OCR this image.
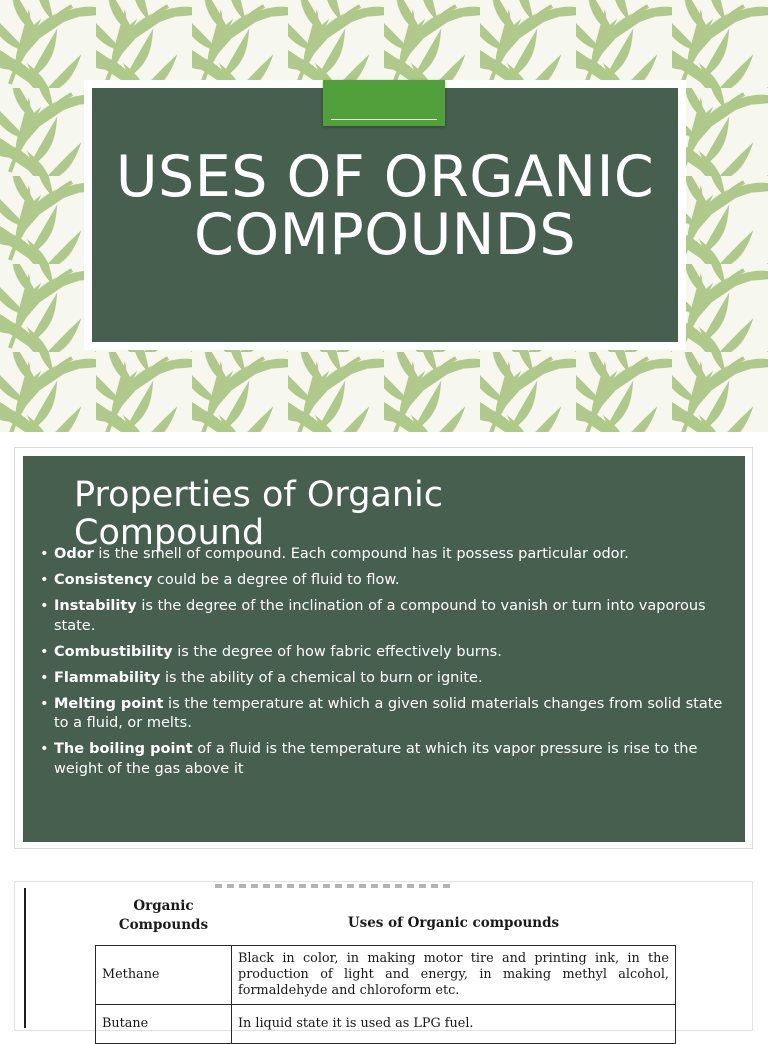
USES OF ORGANIC
COMPOUNDS
Properties of Organic Compound
• Odor is the smell of compound. Each compound has it possess particular odor.
• Consistency could be a degree of fluid to flow.
• Instability is the degree of the inclination of a compound to vanish or turn into vaporous state.
• Combustibility is the degree of how fabric effectively burns.
• Flammability is the ability of a chemical to burn or ignite.
• Melting point is the temperature at which a given solid materials changes from solid state to a fluid, or melts.
• The boiling point of a fluid is the temperature at which its vapor pressure is rise to the weight of the gas above it
Organic Compounds	Uses of Organic compounds
Methane	Black in color, in making motor tire and printing ink, in the production of light and energy, in making methyl alcohol, formaldehyde and chloroform etc.
Butane	In liquid state it is used as LPG fuel.
